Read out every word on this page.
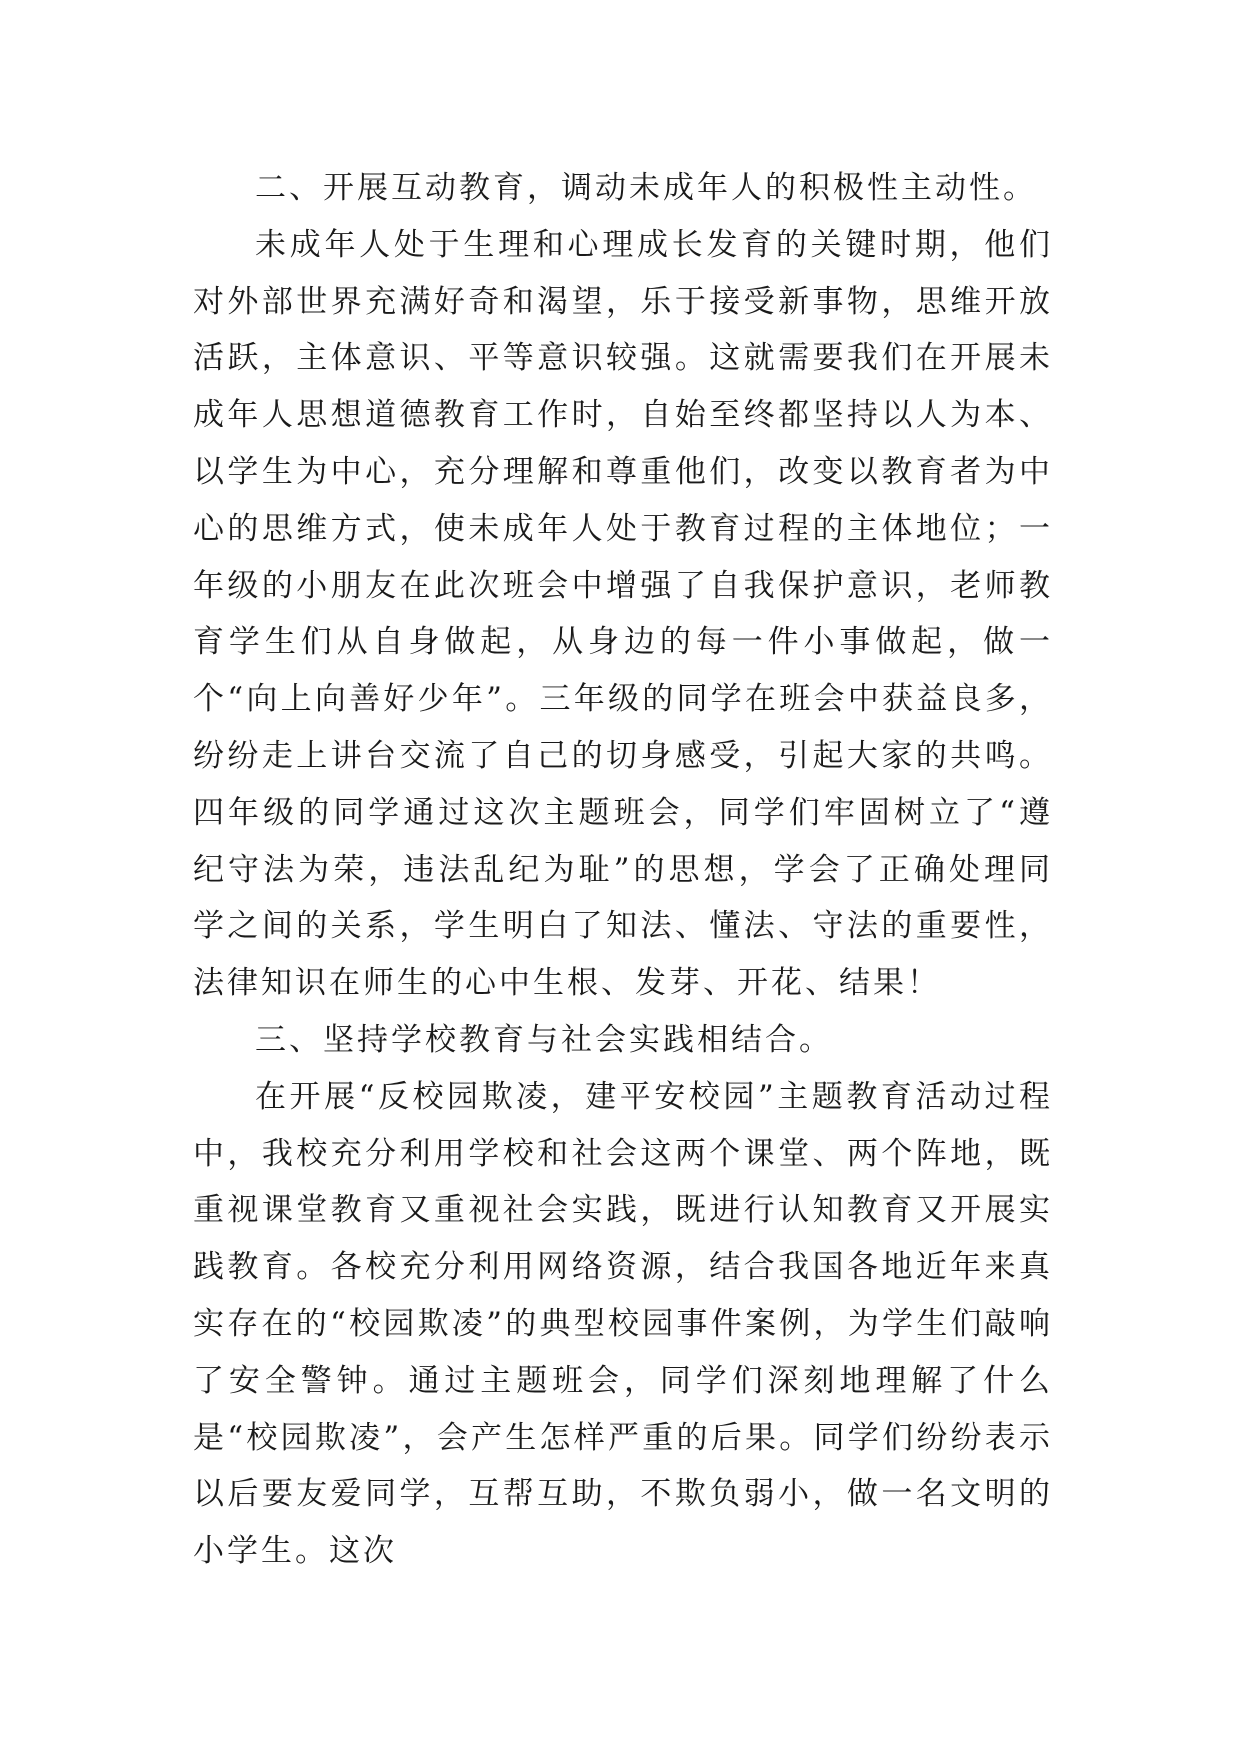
二、开展互动教育，调动未成年人的积极性主动性。

未成年人处于生理和心理成长发育的关键时期，他们对外部世界充满好奇和渴望，乐于接受新事物，思维开放活跃，主体意识、平等意识较强。这就需要我们在开展未成年人思想道德教育工作时，自始至终都坚持以人为本、以学生为中心，充分理解和尊重他们，改变以教育者为中心的思维方式，使未成年人处于教育过程的主体地位；一年级的小朋友在此次班会中增强了自我保护意识，老师教育学生们从自身做起，从身边的每一件小事做起，做一个“向上向善好少年”。三年级的同学在班会中获益良多，纷纷走上讲台交流了自己的切身感受，引起大家的共鸣。四年级的同学通过这次主题班会，同学们牢固树立了“遵纪守法为荣，违法乱纪为耻”的思想，学会了正确处理同学之间的关系，学生明白了知法、懂法、守法的重要性，法律知识在师生的心中生根、发芽、开花、结果！

三、坚持学校教育与社会实践相结合。

在开展“反校园欺凌，建平安校园”主题教育活动过程中，我校充分利用学校和社会这两个课堂、两个阵地，既重视课堂教育又重视社会实践，既进行认知教育又开展实践教育。各校充分利用网络资源，结合我国各地近年来真实存在的“校园欺凌”的典型校园事件案例，为学生们敲响了安全警钟。通过主题班会，同学们深刻地理解了什么是“校园欺凌”，会产生怎样严重的后果。同学们纷纷表示以后要友爱同学，互帮互助，不欺负弱小，做一名文明的小学生。这次
